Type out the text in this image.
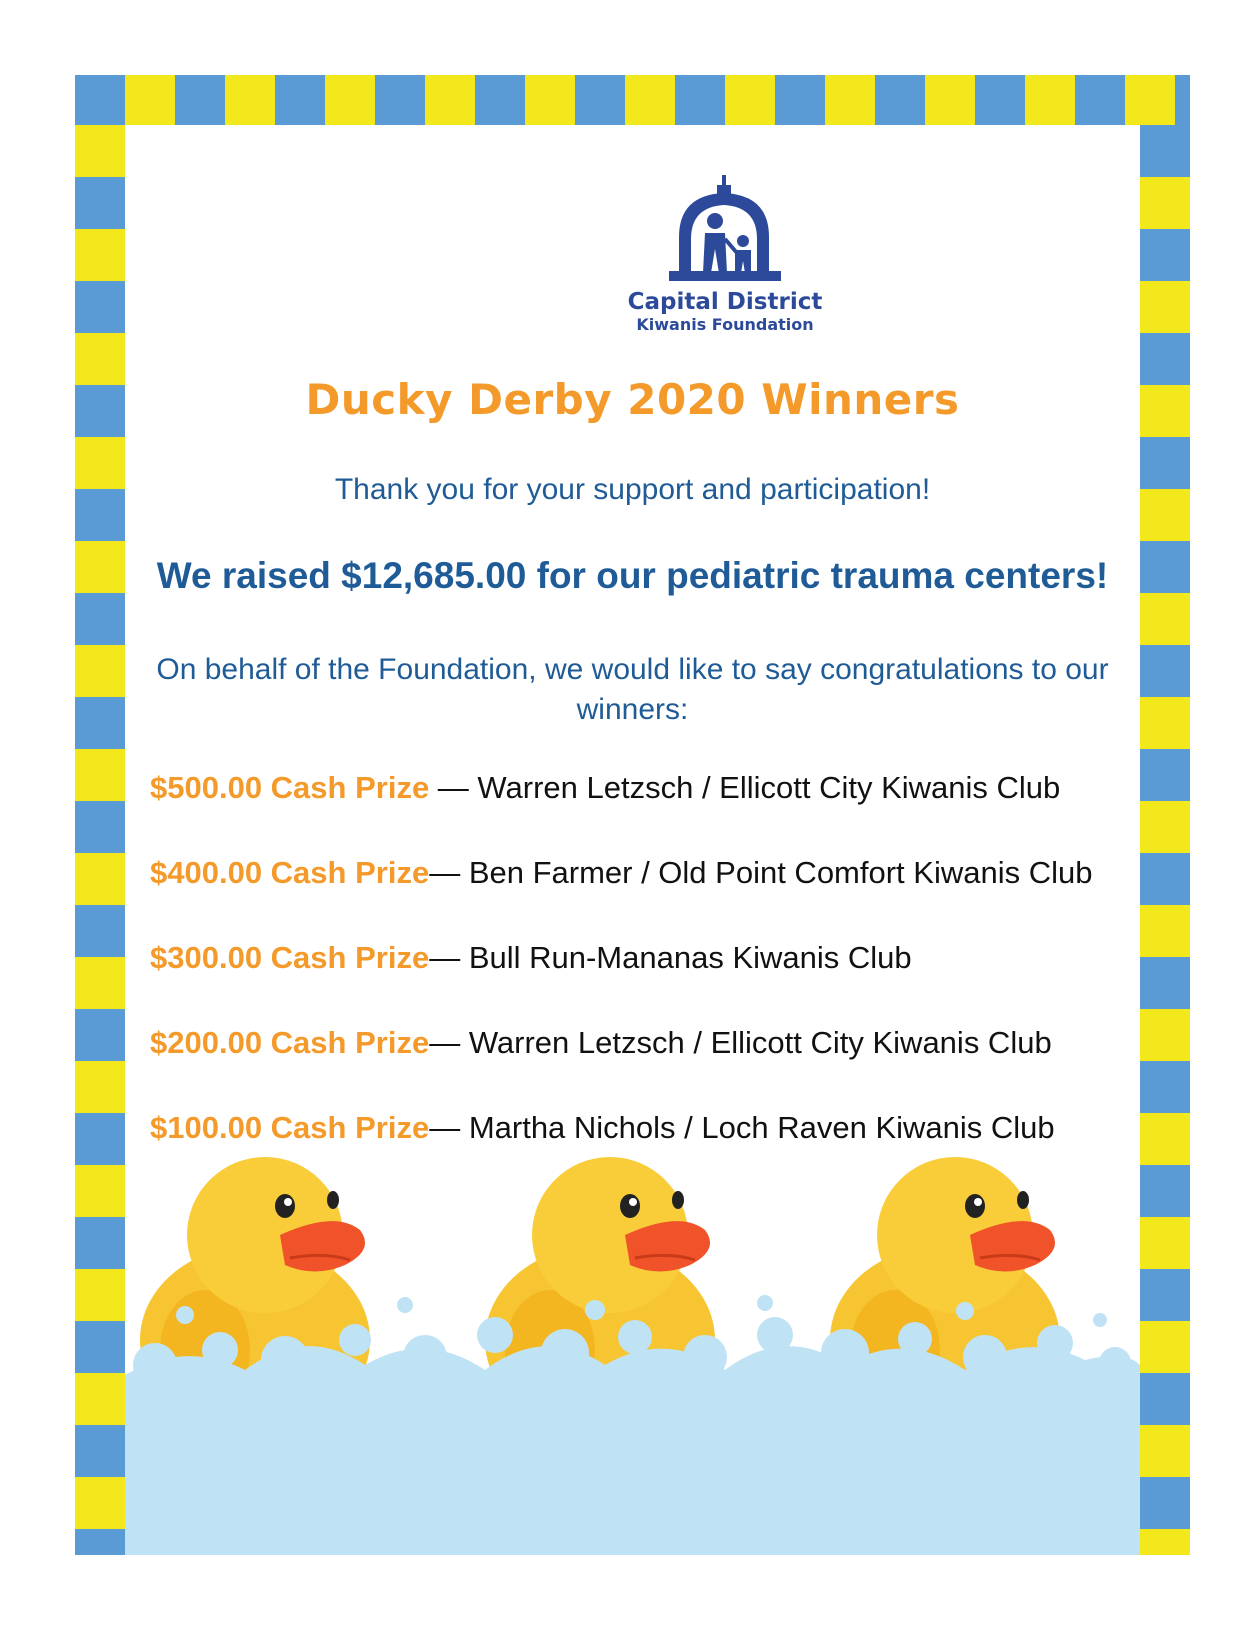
Capital District
Kiwanis Foundation
Ducky Derby 2020 Winners
Thank you for your support and participation!
We raised $12,685.00 for our pediatric trauma centers!
On behalf of the Foundation, we would like to say congratulations to our winners:
$500.00 Cash Prize — Warren Letzsch / Ellicott City Kiwanis Club
$400.00 Cash Prize— Ben Farmer / Old Point Comfort Kiwanis Club
$300.00 Cash Prize— Bull Run-Mananas Kiwanis Club
$200.00 Cash Prize— Warren Letzsch / Ellicott City Kiwanis Club
$100.00 Cash Prize— Martha Nichols / Loch Raven Kiwanis Club
